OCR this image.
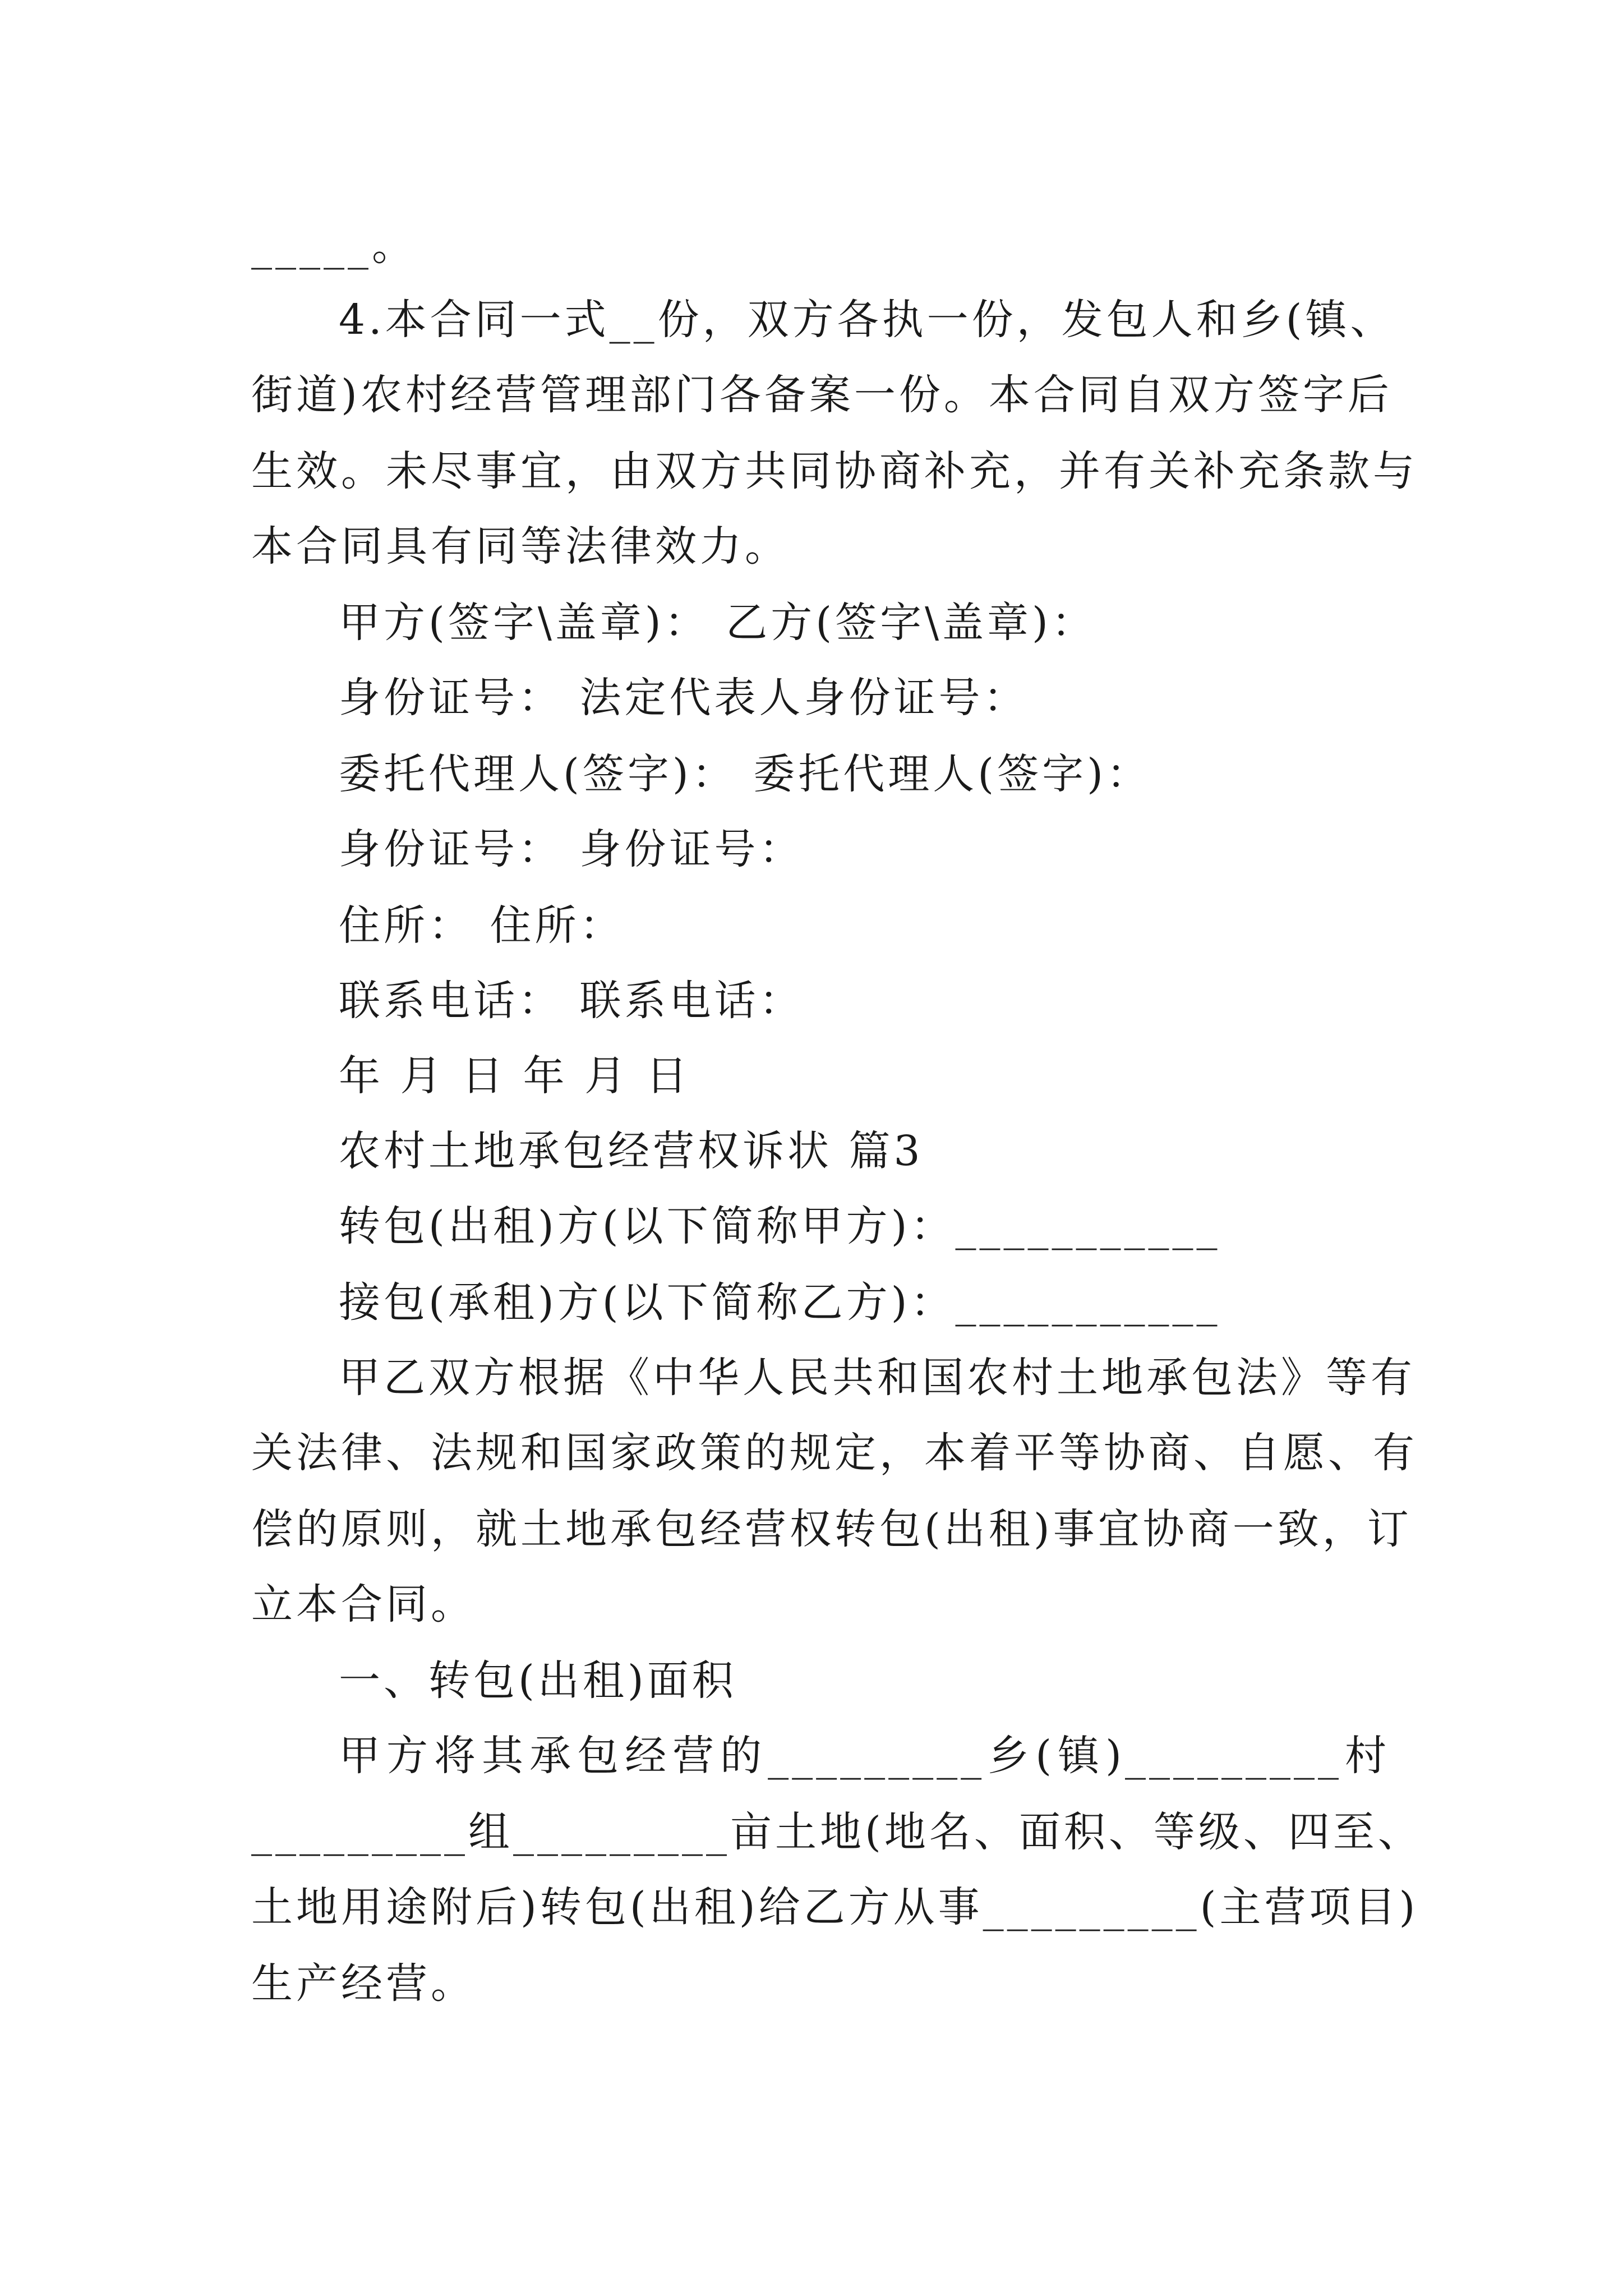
_____。
4.本合同一式__份，双方各执一份，发包人和乡(镇、
街道)农村经营管理部门各备案一份。本合同自双方签字后
生效。未尽事宜，由双方共同协商补充，并有关补充条款与
本合同具有同等法律效力。
甲方(签字\盖章)： 乙方(签字\盖章)：
身份证号： 法定代表人身份证号：
委托代理人(签字)： 委托代理人(签字)：
身份证号： 身份证号：
住所： 住所：
联系电话： 联系电话：
年 月 日 年 月 日
农村土地承包经营权诉状 篇3
转包(出租)方(以下简称甲方)：___________
接包(承租)方(以下简称乙方)：___________
甲乙双方根据《中华人民共和国农村土地承包法》等有
关法律、法规和国家政策的规定，本着平等协商、自愿、有
偿的原则，就土地承包经营权转包(出租)事宜协商一致，订
立本合同。
一、转包(出租)面积
甲方将其承包经营的_________乡(镇)_________村
_________组_________亩土地(地名、面积、等级、四至、
土地用途附后)转包(出租)给乙方从事_________(主营项目)
生产经营。
